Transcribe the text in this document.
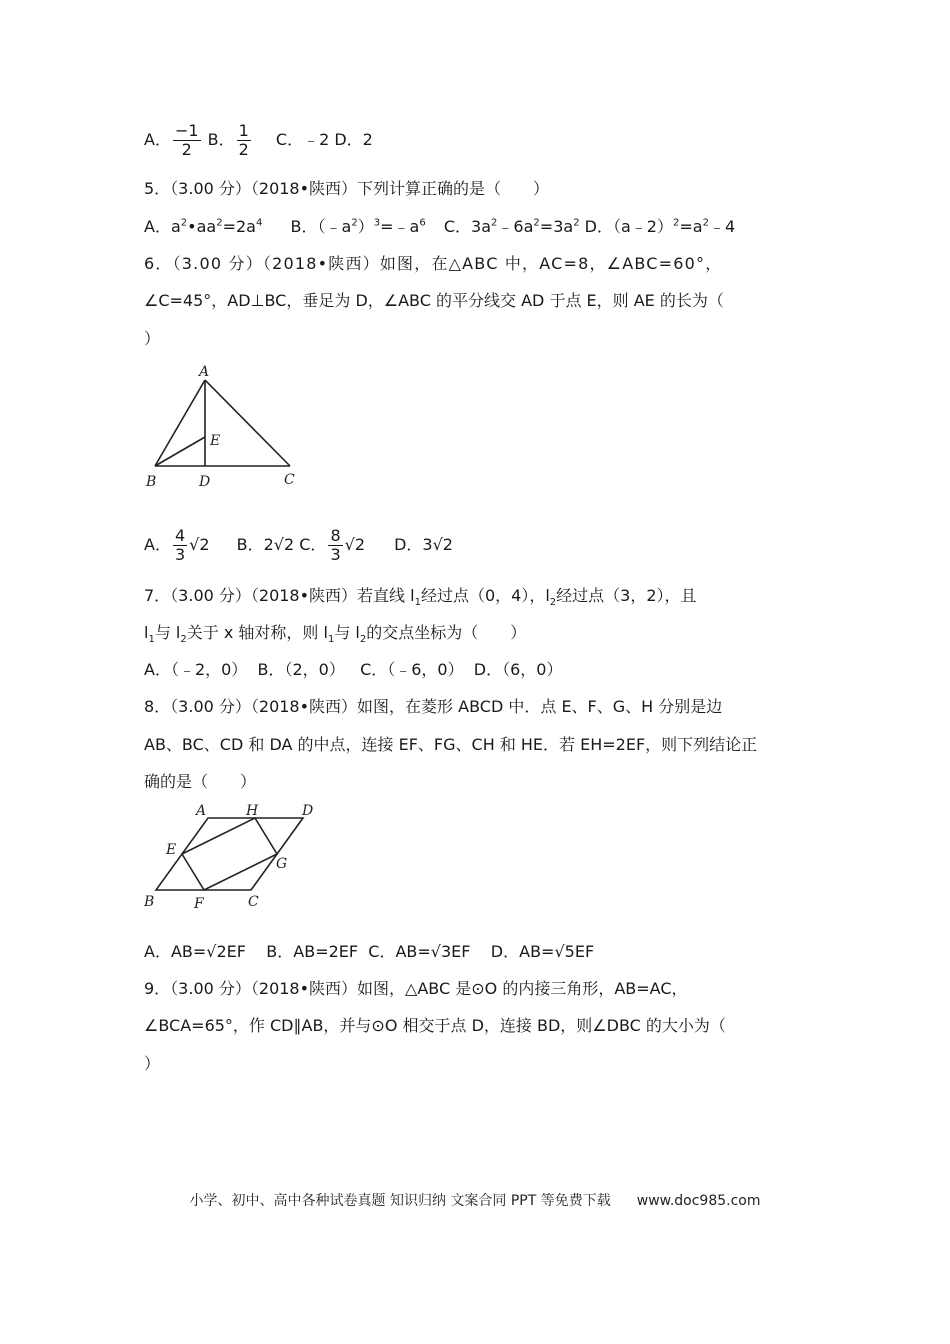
A． $\frac{-1}{2}$ B． $\frac{1}{2}$ C．﹣2 D．2
5．（3.00 分）（2018•陕西）下列计算正确的是（　　）
A．$a^2•aa^2=2a^4$ B．$(﹣a^2)^3=﹣a^6$ C．$3a^2﹣6a^2=3a^2$ D．$(a﹣2)^2=a^2﹣4$
6．（3.00 分）（2018•陕西）如图，在△ABC 中，AC=8，∠ABC=60°，
∠C=45°，AD⊥BC，垂足为 D，∠ABC 的平分线交 AD 于点 E，则 AE 的长为（
）
A
B	D	C
E
A． $\frac{4}{3} √2$ B．2√2 C． $\frac{8}{3} √2$ D．3√2
7．（3.00 分）（2018•陕西）若直线 $l_1$经过点（0，4），$l_2$经过点（3，2），且
$l_1$与 $l_2$关于 x 轴对称，则 $l_1$与 $l_2$的交点坐标为（　　）
A．（﹣2，0）  B．（2，0）   C．（﹣6，0）  D．（6，0）
8．（3.00 分）（2018•陕西）如图，在菱形 ABCD 中．点 E、F、G、H 分别是边
AB、BC、CD 和 DA 的中点，连接 EF、FG、CH 和 HE．若 EH=2EF，则下列结论正
确的是（　　）
A	H	D
E
G
B	F	C
A．AB=√2EF    B．AB=2EF  C．AB=√3EF    D．AB=√5EF
9．（3.00 分）（2018•陕西）如图，△ABC 是⊙O 的内接三角形，AB=AC，
∠BCA=65°，作 CD∥AB，并与⊙O 相交于点 D，连接 BD，则∠DBC 的大小为（
）
小学、初中、高中各种试卷真题 知识归纳 文案合同 PPT 等免费下载 www.doc985.com
